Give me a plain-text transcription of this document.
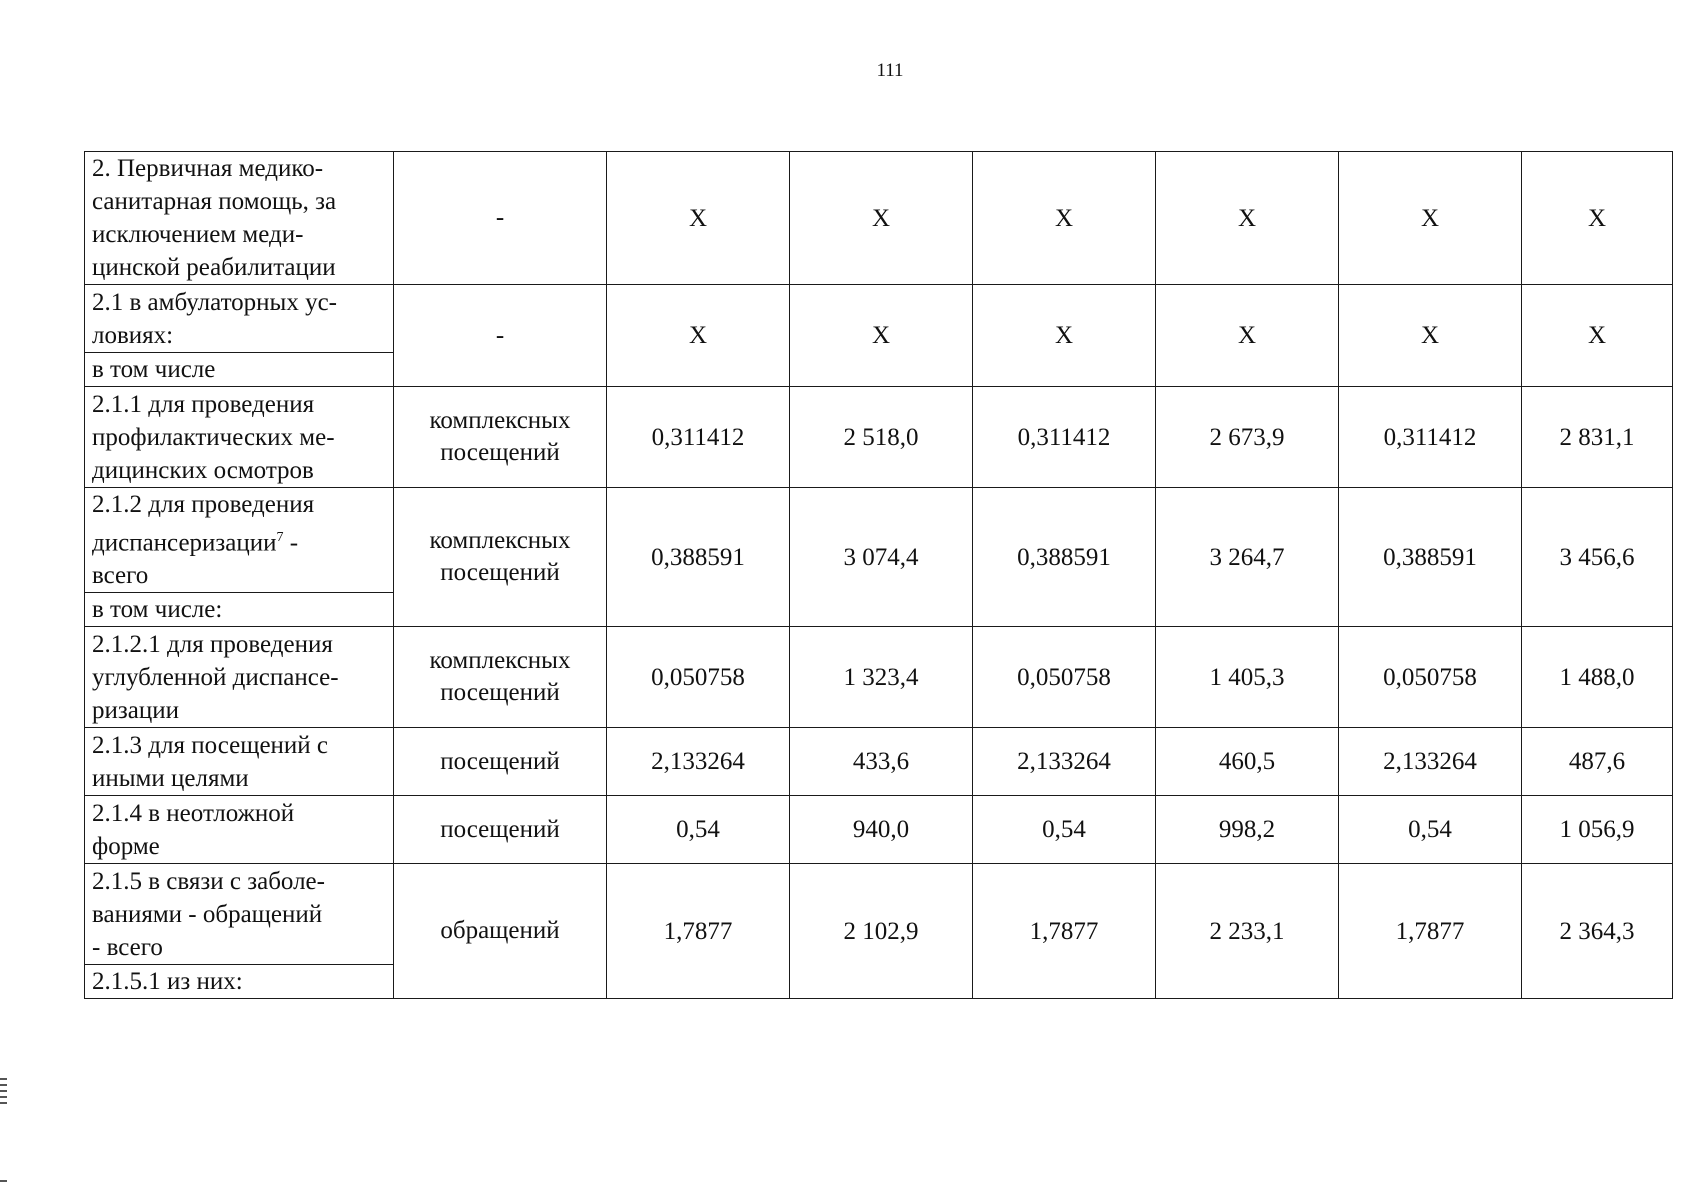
111
2. Первичная медико-
санитарная помощь, за
исключением меди-
цинской реабилитации	-	Х	Х	Х	Х	Х	Х
2.1 в амбулаторных ус-
ловиях:	-	Х	Х	Х	Х	Х	Х
в том числе							
2.1.1 для проведения
профилактических ме-
дицинских осмотров	комплексных
посещений	0,311412	2 518,0	0,311412	2 673,9	0,311412	2 831,1
2.1.2 для проведения
диспансеризации$^7$ -
всего	комплексных
посещений	0,388591	3 074,4	0,388591	3 264,7	0,388591	3 456,6
в том числе:							
2.1.2.1 для проведения
углубленной диспансе-
ризации	комплексных
посещений	0,050758	1 323,4	0,050758	1 405,3	0,050758	1 488,0
2.1.3 для посещений с
иными целями	посещений	2,133264	433,6	2,133264	460,5	2,133264	487,6
2.1.4 в неотложной
форме	посещений	0,54	940,0	0,54	998,2	0,54	1 056,9
2.1.5 в связи с заболе-
ваниями - обращений
- всего	обращений	1,7877	2 102,9	1,7877	2 233,1	1,7877	2 364,3
2.1.5.1 из них:							
